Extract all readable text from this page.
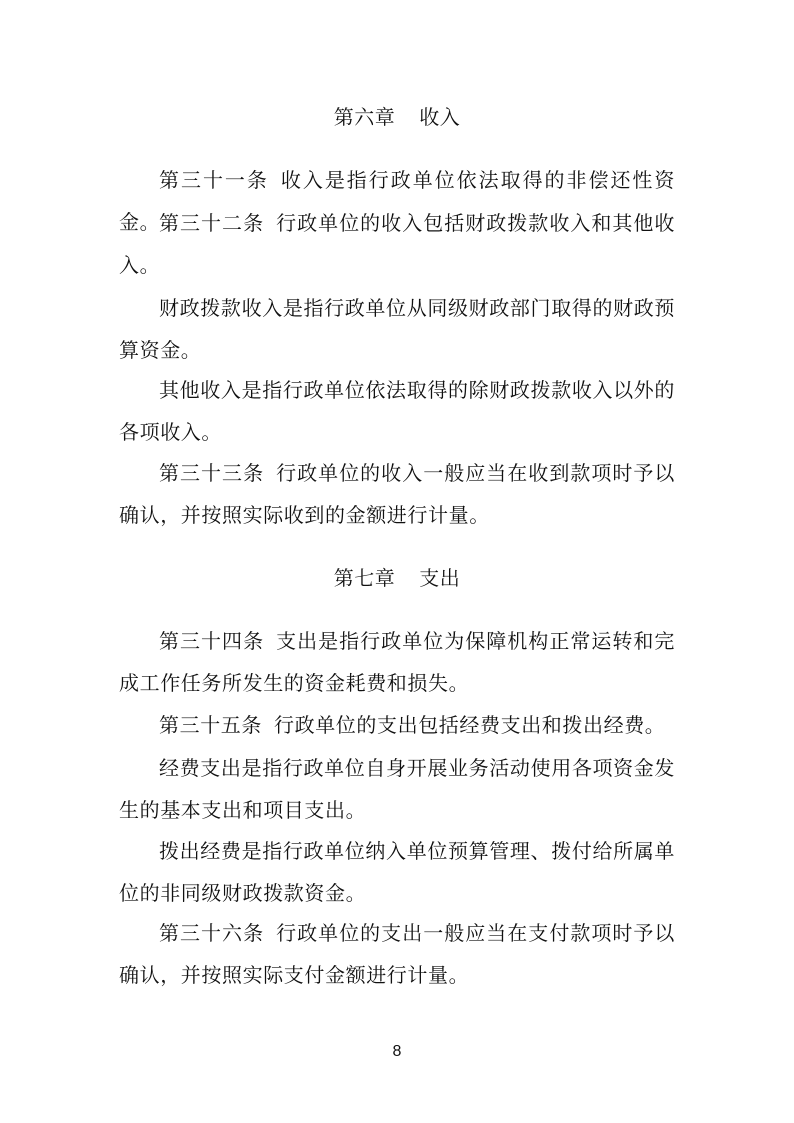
第六章 收入

第三十一条 收入是指行政单位依法取得的非偿还性资金。

第三十二条 行政单位的收入包括财政拨款收入和其他收入。

财政拨款收入是指行政单位从同级财政部门取得的财政预算资金。

其他收入是指行政单位依法取得的除财政拨款收入以外的各项收入。

第三十三条 行政单位的收入一般应当在收到款项时予以确认，并按照实际收到的金额进行计量。

第七章 支出

第三十四条 支出是指行政单位为保障机构正常运转和完成工作任务所发生的资金耗费和损失。

第三十五条 行政单位的支出包括经费支出和拨出经费。

经费支出是指行政单位自身开展业务活动使用各项资金发生的基本支出和项目支出。

拨出经费是指行政单位纳入单位预算管理、拨付给所属单位的非同级财政拨款资金。

第三十六条 行政单位的支出一般应当在支付款项时予以确认，并按照实际支付金额进行计量。

8
